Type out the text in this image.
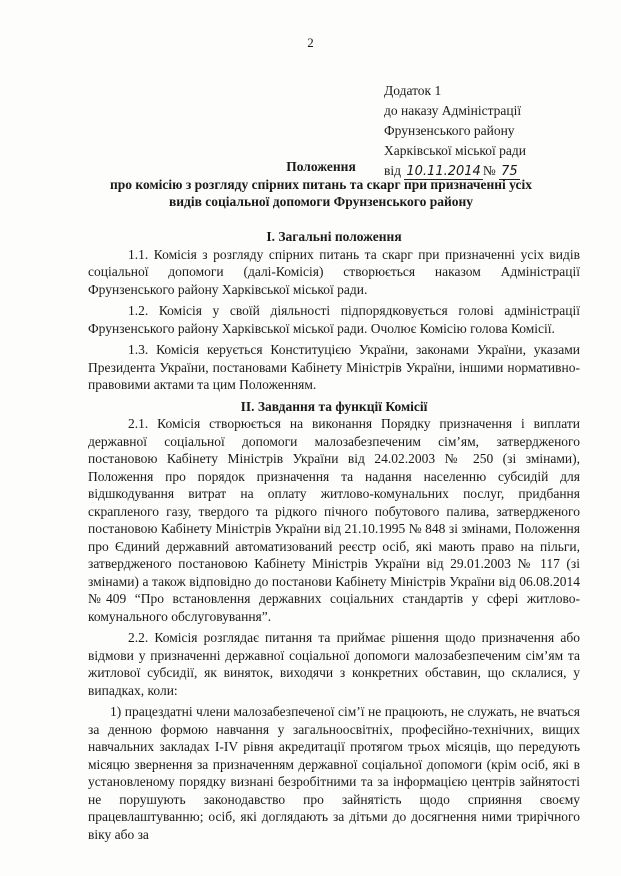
2
Додаток 1
до наказу Адміністрації
Фрунзенського району
Харківської міської ради
від 10.11.2014 № 75
Положення
про комісію з розгляду спірних питань та скарг при призначенні усіх
видів соціальної допомоги Фрунзенського району
І. Загальні положення

1.1. Комісія з розгляду спірних питань та скарг при призначенні усіх видів соціальної допомоги (далі-Комісія) створюється наказом Адміністрації Фрунзенського району Харківської міської ради.

1.2. Комісія у своїй діяльності підпорядковується голові адміністрації Фрунзенського району Харківської міської ради. Очолює Комісію голова Комісії.

1.3. Комісія керується Конституцією України, законами України, указами Президента України, постановами Кабінету Міністрів України, іншими нормативно-правовими актами та цим Положенням.

ІІ. Завдання та функції Комісії

2.1. Комісія створюється на виконання Порядку призначення і виплати державної соціальної допомоги малозабезпеченим сім’ям, затвердженого постановою Кабінету Міністрів України від 24.02.2003 № 250 (зі змінами), Положення про порядок призначення та надання населенню субсидій для відшкодування витрат на оплату житлово-комунальних послуг, придбання скрапленого газу, твердого та рідкого пічного побутового палива, затвердженого постановою Кабінету Міністрів України від 21.10.1995 № 848 зі змінами, Положення про Єдиний державний автоматизований реєстр осіб, які мають право на пільги, затвердженого постановою Кабінету Міністрів України від 29.01.2003 № 117 (зі змінами) а також відповідно до постанови Кабінету Міністрів України від 06.08.2014 №409 “Про встановлення державних соціальних стандартів у сфері житлово-комунального обслуговування”.

2.2. Комісія розглядає питання та приймає рішення щодо призначення або відмови у призначенні державної соціальної допомоги малозабезпеченим сім’ям та житлової субсидії, як виняток, виходячи з конкретних обставин, що склалися, у випадках, коли:

1) працездатні члени малозабезпеченої сім’ї не працюють, не служать, не вчаться за денною формою навчання у загальноосвітніх, професійно-технічних, вищих навчальних закладах І-ІV рівня акредитації протягом трьох місяців, що передують місяцю звернення за призначенням державної соціальної допомоги (крім осіб, які в установленому порядку визнані безробітними та за інформацією центрів зайнятості не порушують законодавство про зайнятість щодо сприяння своєму працевлаштуванню; осіб, які доглядають за дітьми до досягнення ними трирічного віку або за
